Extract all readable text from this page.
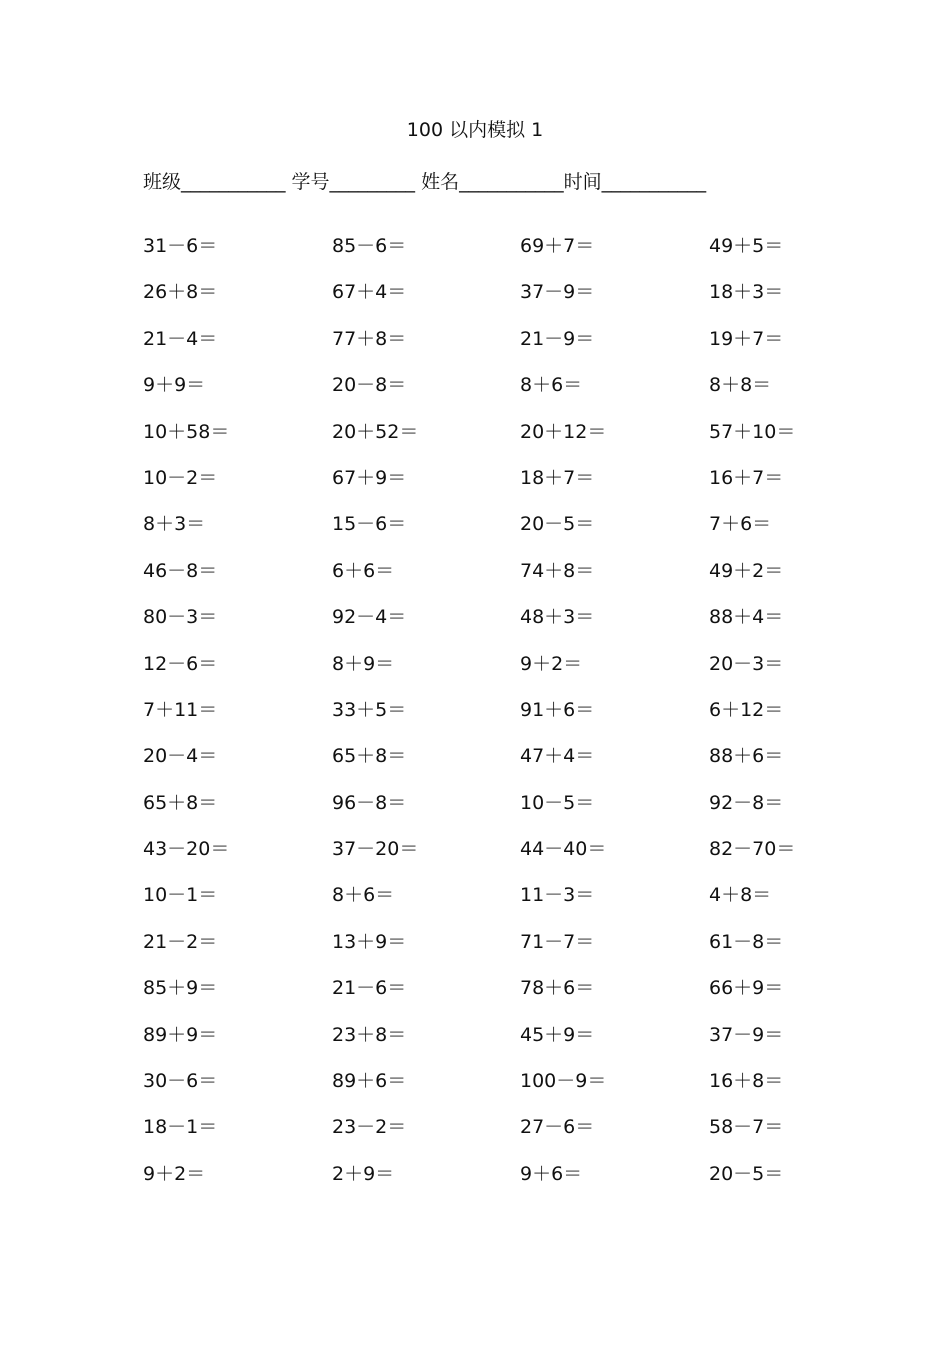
100 以内模拟 1
班级___________ 学号_________ 姓名___________时间___________
31－6＝	85－6＝	69＋7＝	49＋5＝
26＋8＝	67＋4＝	37－9＝	18＋3＝
21－4＝	77＋8＝	21－9＝	19＋7＝
9＋9＝	20－8＝	8＋6＝	8＋8＝
10＋58＝	20＋52＝	20＋12＝	57＋10＝
10－2＝	67＋9＝	18＋7＝	16＋7＝
8＋3＝	15－6＝	20－5＝	7＋6＝
46－8＝	6＋6＝	74＋8＝	49＋2＝
80－3＝	92－4＝	48＋3＝	88＋4＝
12－6＝	8＋9＝	9＋2＝	20－3＝
7＋11＝	33＋5＝	91＋6＝	6＋12＝
20－4＝	65＋8＝	47＋4＝	88＋6＝
65＋8＝	96－8＝	10－5＝	92－8＝
43－20＝	37－20＝	44－40＝	82－70＝
10－1＝	8＋6＝	11－3＝	4＋8＝
21－2＝	13＋9＝	71－7＝	61－8＝
85＋9＝	21－6＝	78＋6＝	66＋9＝
89＋9＝	23＋8＝	45＋9＝	37－9＝
30－6＝	89＋6＝	100－9＝	16＋8＝
18－1＝	23－2＝	27－6＝	58－7＝
9＋2＝	2＋9＝	9＋6＝	20－5＝
